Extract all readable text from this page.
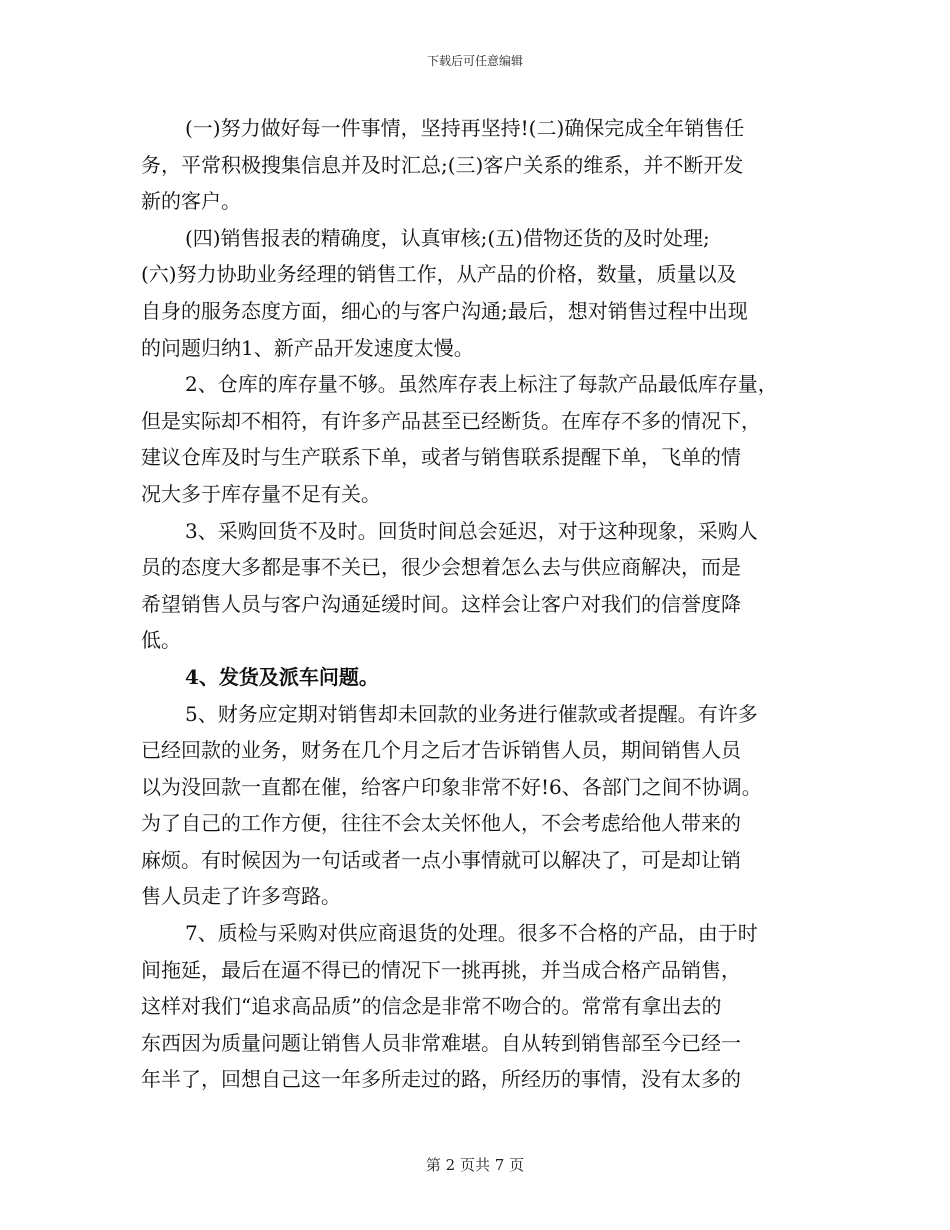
下载后可任意编辑
(一)努力做好每一件事情，坚持再坚持!(二)确保完成全年销售任
务，平常积极搜集信息并及时汇总;(三)客户关系的维系，并不断开发
新的客户。
(四)销售报表的精确度，认真审核;(五)借物还货的及时处理;
(六)努力协助业务经理的销售工作，从产品的价格，数量，质量以及
自身的服务态度方面，细心的与客户沟通;最后，想对销售过程中出现
的问题归纳1、新产品开发速度太慢。
2、仓库的库存量不够。虽然库存表上标注了每款产品最低库存量，
但是实际却不相符，有许多产品甚至已经断货。在库存不多的情况下，
建议仓库及时与生产联系下单，或者与销售联系提醒下单，飞单的情
况大多于库存量不足有关。
3、采购回货不及时。回货时间总会延迟，对于这种现象，采购人
员的态度大多都是事不关已，很少会想着怎么去与供应商解决，而是
希望销售人员与客户沟通延缓时间。这样会让客户对我们的信誉度降
低。
4、发货及派车问题。
5、财务应定期对销售却未回款的业务进行催款或者提醒。有许多
已经回款的业务，财务在几个月之后才告诉销售人员，期间销售人员
以为没回款一直都在催，给客户印象非常不好!6、各部门之间不协调。
为了自己的工作方便，往往不会太关怀他人，不会考虑给他人带来的
麻烦。有时候因为一句话或者一点小事情就可以解决了，可是却让销
售人员走了许多弯路。
7、质检与采购对供应商退货的处理。很多不合格的产品，由于时
间拖延，最后在逼不得已的情况下一挑再挑，并当成合格产品销售，
这样对我们“追求高品质”的信念是非常不吻合的。常常有拿出去的
东西因为质量问题让销售人员非常难堪。自从转到销售部至今已经一
年半了，回想自己这一年多所走过的路，所经历的事情，没有太多的
第 2 页共 7 页
